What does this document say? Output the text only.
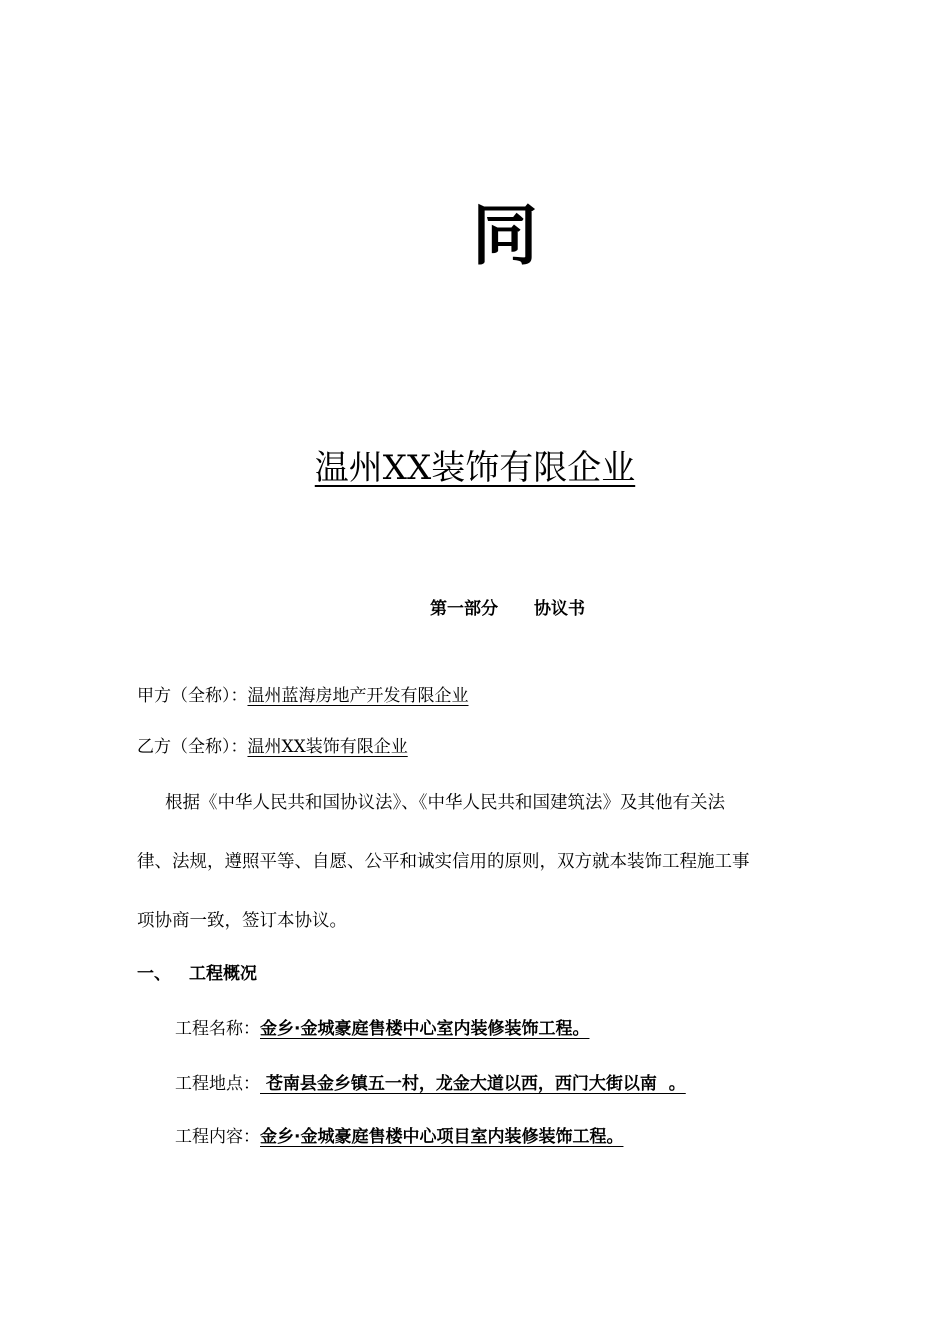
同
温州XX装饰有限企业
第一部分 协议书
甲方（全称）：温州蓝海房地产开发有限企业
乙方（全称）：温州XX装饰有限企业
根据《中华人民共和国协议法》、《中华人民共和国建筑法》及其他有关法
律、法规，遵照平等、自愿、公平和诚实信用的原则，双方就本装饰工程施工事
项协商一致，签订本协议。
一、 工程概况
工程名称：金乡·金城豪庭售楼中心室内装修装饰工程。
工程地点： 苍南县金乡镇五一村，龙金大道以西，西门大街以南  。
工程内容：金乡·金城豪庭售楼中心项目室内装修装饰工程。
